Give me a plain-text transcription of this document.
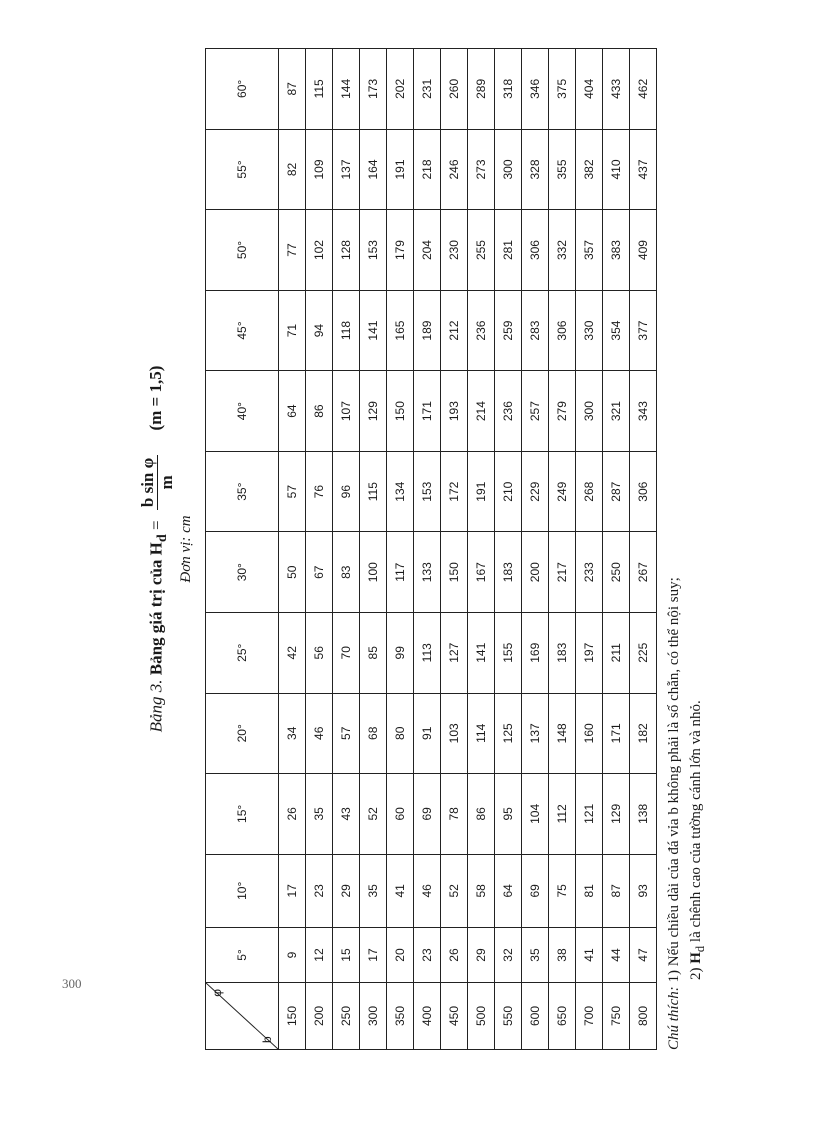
300
Bảng 3. Bảng giá trị của $H_d$ =
b sin φ m
(m = 1,5)
Đơn vị: cm
φ
b	5°	10°	15°	20°	25°	30°	35°	40°	45°	50°	55°	60°
150	9	17	26	34	42	50	57	64	71	77	82	87
200	12	23	35	46	56	67	76	86	94	102	109	115
250	15	29	43	57	70	83	96	107	118	128	137	144
300	17	35	52	68	85	100	115	129	141	153	164	173
350	20	41	60	80	99	117	134	150	165	179	191	202
400	23	46	69	91	113	133	153	171	189	204	218	231
450	26	52	78	103	127	150	172	193	212	230	246	260
500	29	58	86	114	141	167	191	214	236	255	273	289
550	32	64	95	125	155	183	210	236	259	281	300	318
600	35	69	104	137	169	200	229	257	283	306	328	346
650	38	75	112	148	183	217	249	279	306	332	355	375
700	41	81	121	160	197	233	268	300	330	357	382	404
750	44	87	129	171	211	250	287	321	354	383	410	433
800	47	93	138	182	225	267	306	343	377	409	437	462
Chú thích: 1) Nếu chiều dài của đá vỉa b không phải là số chẵn, có thể nội suy; 2) $H_d$ là chênh cao của tường cánh lớn và nhỏ.
